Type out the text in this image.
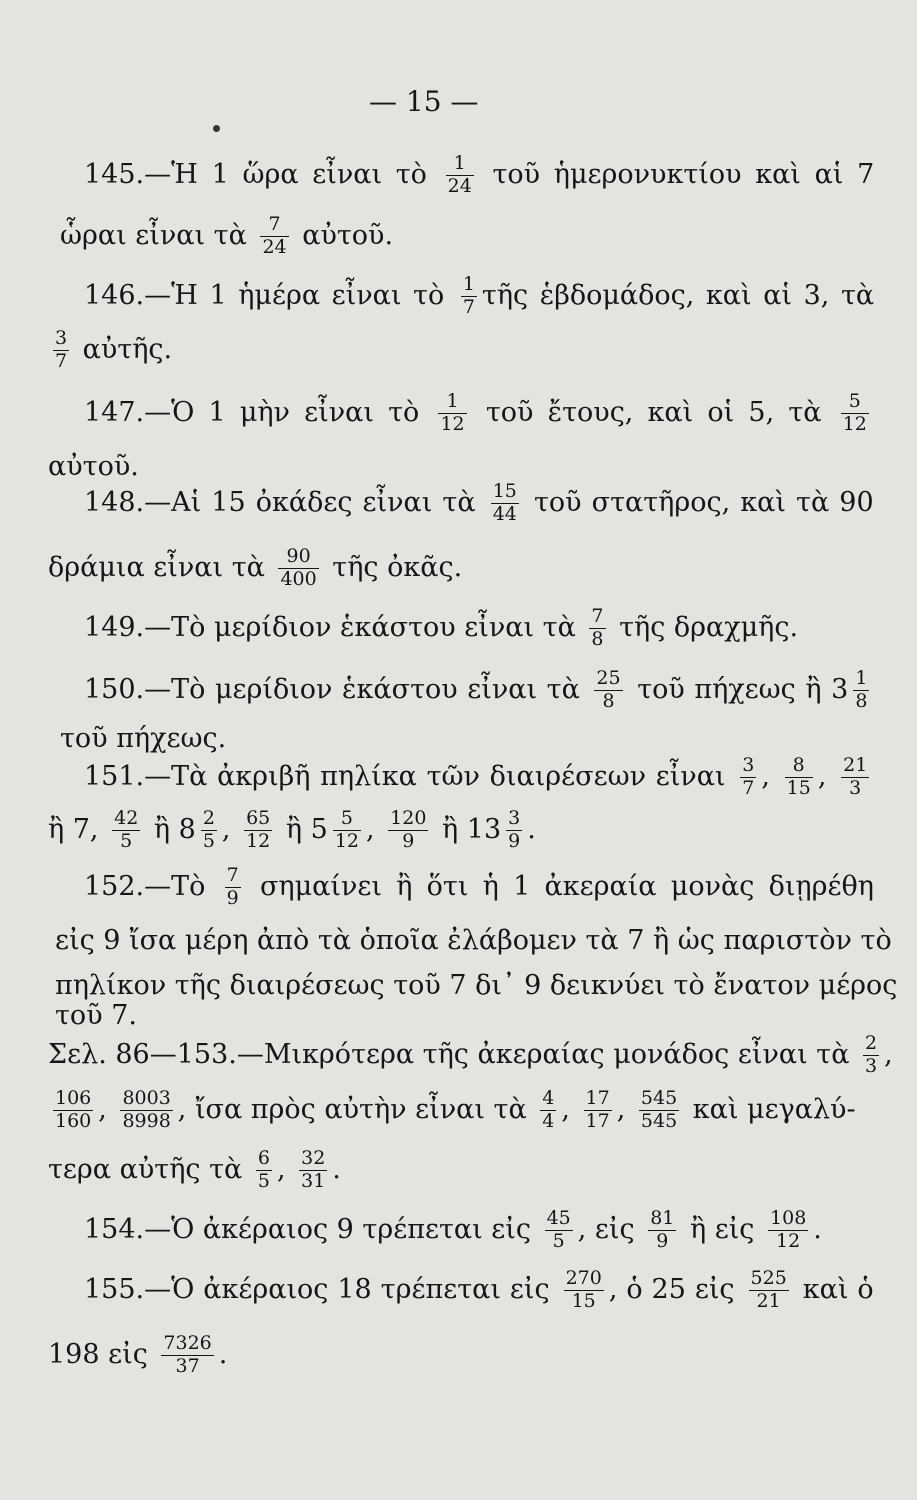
— 15 —
145.—Ἡ 1 ὥρα εἶναι τὸ $\frac{1}{24}$ τοῦ ἡμερονυκτίου καὶ αἱ 7
ὧραι εἶναι τὰ $\frac{7}{24}$ αὐτοῦ.
146.—Ἡ 1 ἡμέρα εἶναι τὸ $\frac{1}{7}$ τῆς ἑβδομάδος, καὶ αἱ 3, τὰ
$\frac{3}{7}$ αὐτῆς.
147.—Ὁ 1 μὴν εἶναι τὸ $\frac{1}{12}$ τοῦ ἔτους, καὶ οἱ 5, τὰ $\frac{5}{12}$
αὐτοῦ.
148.—Αἱ 15 ὀκάδες εἶναι τὰ $\frac{15}{44}$ τοῦ στατῆρος, καὶ τὰ 90
δράμια εἶναι τὰ $\frac{90}{400}$ τῆς ὀκᾶς.
149.—Τὸ μερίδιον ἑκάστου εἶναι τὰ $\frac{7}{8}$ τῆς δραχμῆς.
150.—Τὸ μερίδιον ἑκάστου εἶναι τὰ $\frac{25}{8}$ τοῦ πήχεως ἢ $3 \frac{1}{8}$
τοῦ πήχεως.
151.—Τὰ ἀκριβῆ πηλίκα τῶν διαιρέσεων εἶναι $\frac{3}{7}$ , $\frac{8}{15}$ , $\frac{21}{3}$
ἢ 7, $\frac{42}{5}$ ἢ $8 \frac{2}{5}$ , $\frac{65}{12}$ ἢ $5 \frac{5}{12}$ , $\frac{120}{9}$ ἢ $13 \frac{3}{9}$ .
152.—Τὸ $\frac{7}{9}$ σημαίνει ἢ ὅτι ἡ 1 ἀκεραία μονὰς διῃρέθη
εἰς 9 ἴσα μέρη ἀπὸ τὰ ὁποῖα ἐλάβομεν τὰ 7 ἢ ὡς παριστὸν τὸ
πηλίκον τῆς διαιρέσεως τοῦ 7 δι᾽ 9 δεικνύει τὸ ἔνατον μέρος
τοῦ 7.
Σελ. 86—153.—Μικρότερα τῆς ἀκεραίας μονάδος εἶναι τὰ $\frac{2}{3}$ ,
$\frac{106}{160}$ , $\frac{8003}{8998}$ , ἴσα πρὸς αὐτὴν εἶναι τὰ $\frac{4}{4}$ , $\frac{17}{17}$ , $\frac{545}{545}$ καὶ μεγαλύ-
τερα αὐτῆς τὰ $\frac{6}{5}$ , $\frac{32}{31}$ .
154.—Ὁ ἀκέραιος 9 τρέπεται εἰς $\frac{45}{5}$ , εἰς $\frac{81}{9}$ ἢ εἰς $\frac{108}{12}$ .
155.—Ὁ ἀκέραιος 18 τρέπεται εἰς $\frac{270}{15}$ , ὁ 25 εἰς $\frac{525}{21}$ καὶ ὁ
198 εἰς $\frac{7326}{37}$ .
